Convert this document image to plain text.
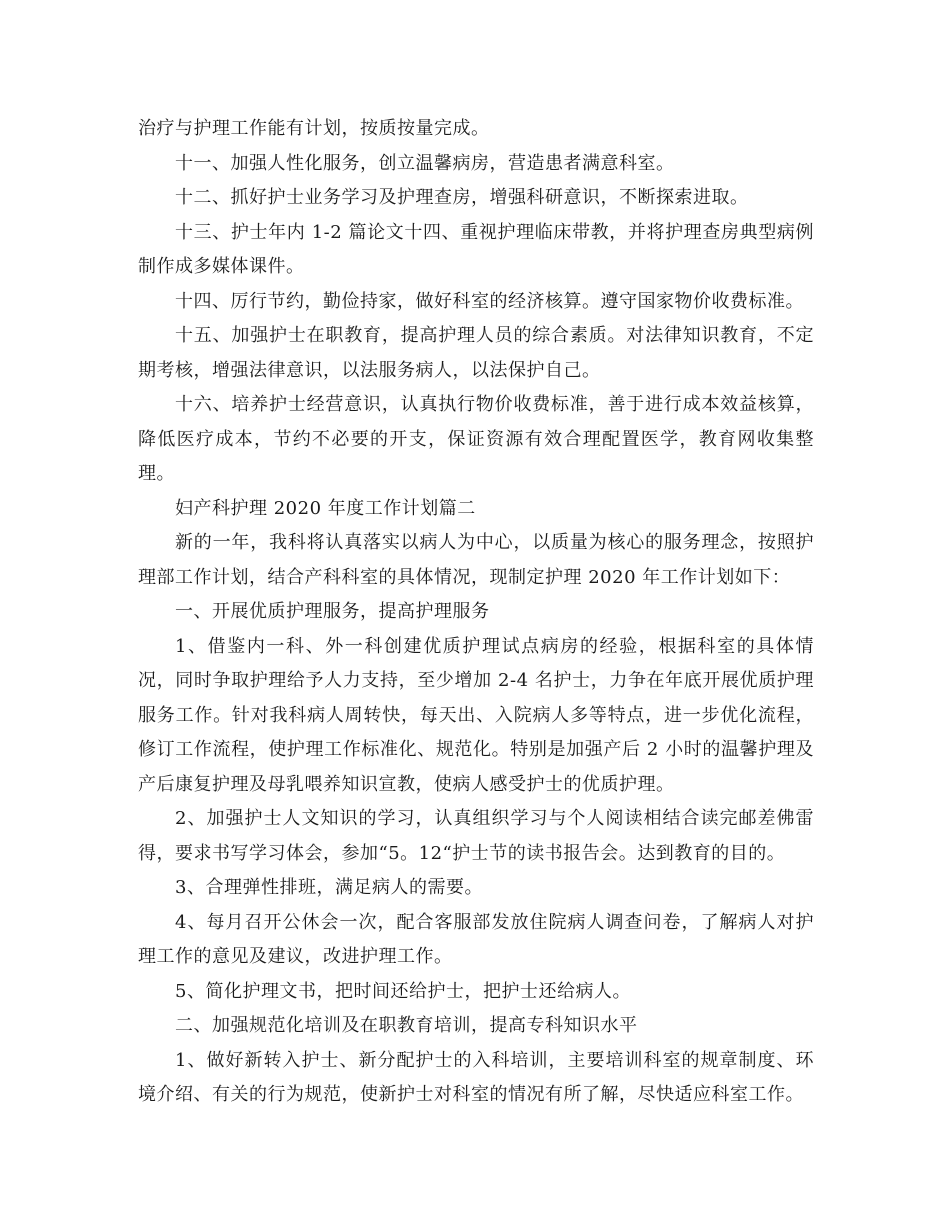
治疗与护理工作能有计划，按质按量完成。

十一、加强人性化服务，创立温馨病房，营造患者满意科室。

十二、抓好护士业务学习及护理查房，增强科研意识，不断探索进取。

十三、护士年内 1-2 篇论文十四、重视护理临床带教，并将护理查房典型病例制作成多媒体课件。

十四、厉行节约，勤俭持家，做好科室的经济核算。遵守国家物价收费标准。

十五、加强护士在职教育，提高护理人员的综合素质。对法律知识教育，不定期考核，增强法律意识，以法服务病人，以法保护自己。

十六、培养护士经营意识，认真执行物价收费标准，善于进行成本效益核算，降低医疗成本，节约不必要的开支，保证资源有效合理配置医学，教育网收集整理。

妇产科护理 2020 年度工作计划篇二

新的一年，我科将认真落实以病人为中心，以质量为核心的服务理念，按照护理部工作计划，结合产科科室的具体情况，现制定护理 2020 年工作计划如下：

一、开展优质护理服务，提高护理服务

1、借鉴内一科、外一科创建优质护理试点病房的经验，根据科室的具体情况，同时争取护理给予人力支持，至少增加 2-4 名护士，力争在年底开展优质护理服务工作。针对我科病人周转快，每天出、入院病人多等特点，进一步优化流程，修订工作流程，使护理工作标准化、规范化。特别是加强产后 2 小时的温馨护理及产后康复护理及母乳喂养知识宣教，使病人感受护士的优质护理。

2、加强护士人文知识的学习，认真组织学习与个人阅读相结合读完邮差佛雷得，要求书写学习体会，参加“5。12“护士节的读书报告会。达到教育的目的。

3、合理弹性排班，满足病人的需要。

4、每月召开公休会一次，配合客服部发放住院病人调查问卷，了解病人对护理工作的意见及建议，改进护理工作。

5、简化护理文书，把时间还给护士，把护士还给病人。

二、加强规范化培训及在职教育培训，提高专科知识水平

1、做好新转入护士、新分配护士的入科培训，主要培训科室的规章制度、环境介绍、有关的行为规范，使新护士对科室的情况有所了解，尽快适应科室工作。
